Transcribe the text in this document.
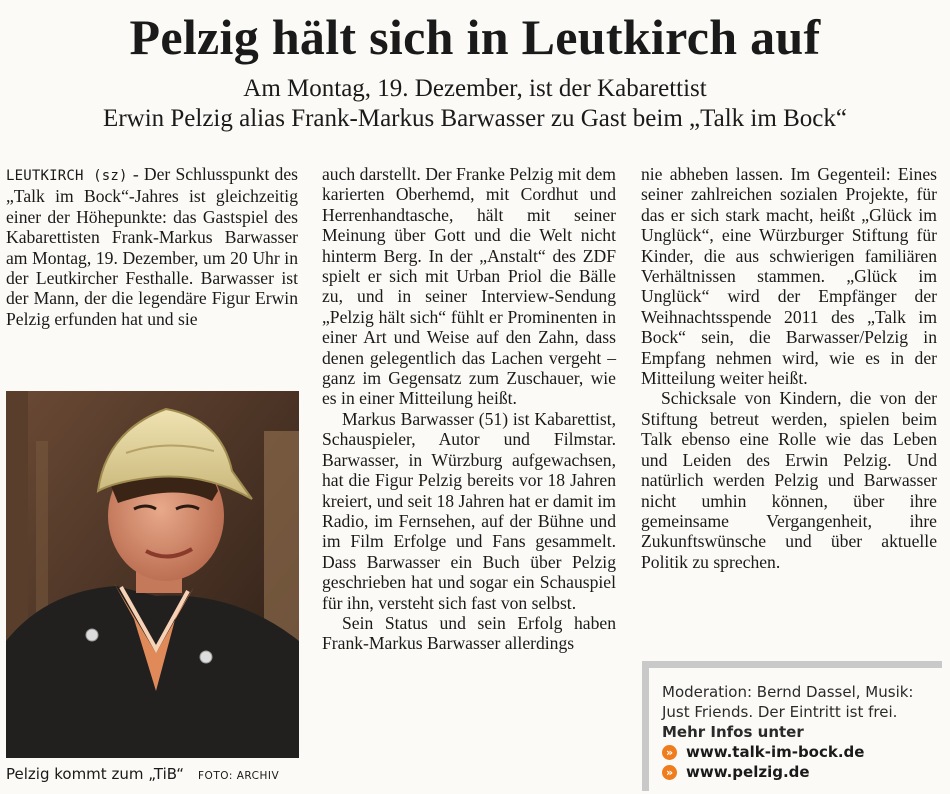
Pelzig hält sich in Leutkirch auf
Am Montag, 19. Dezember, ist der Kabarettist
Erwin Pelzig alias Frank-Markus Barwasser zu Gast beim „Talk im Bock“

LEUTKIRCH (sz) - Der Schlusspunkt des „Talk im Bock“-Jahres ist gleichzeitig einer der Höhepunkte: das Gastspiel des Kabarettisten Frank-Markus Barwasser am Montag, 19. Dezember, um 20 Uhr in der Leutkircher Festhalle. Barwasser ist der Mann, der die legendäre Figur Erwin Pelzig erfunden hat und sie

Pelzig kommt zum „TiB“ FOTO: ARCHIV

auch darstellt. Der Franke Pelzig mit dem karierten Oberhemd, mit Cordhut und Herrenhandtasche, hält mit seiner Meinung über Gott und die Welt nicht hinterm Berg. In der „Anstalt“ des ZDF spielt er sich mit Urban Priol die Bälle zu, und in seiner Interview-Sendung „Pelzig hält sich“ fühlt er Prominenten in einer Art und Weise auf den Zahn, dass denen gelegentlich das Lachen vergeht – ganz im Gegensatz zum Zuschauer, wie es in einer Mitteilung heißt.

Markus Barwasser (51) ist Kabarettist, Schauspieler, Autor und Filmstar. Barwasser, in Würzburg aufgewachsen, hat die Figur Pelzig bereits vor 18 Jahren kreiert, und seit 18 Jahren hat er damit im Radio, im Fernsehen, auf der Bühne und im Film Erfolge und Fans gesammelt. Dass Barwasser ein Buch über Pelzig geschrieben hat und sogar ein Schauspiel für ihn, versteht sich fast von selbst.

Sein Status und sein Erfolg haben Frank-Markus Barwasser allerdings

nie abheben lassen. Im Gegenteil: Eines seiner zahlreichen sozialen Projekte, für das er sich stark macht, heißt „Glück im Unglück“, eine Würzburger Stiftung für Kinder, die aus schwierigen familiären Verhältnissen stammen. „Glück im Unglück“ wird der Empfänger der Weihnachtsspende 2011 des „Talk im Bock“ sein, die Barwasser/Pelzig in Empfang nehmen wird, wie es in der Mitteilung weiter heißt.

Schicksale von Kindern, die von der Stiftung betreut werden, spielen beim Talk ebenso eine Rolle wie das Leben und Leiden des Erwin Pelzig. Und natürlich werden Pelzig und Barwasser nicht umhin können, über ihre gemeinsame Vergangenheit, ihre Zukunftswünsche und über aktuelle Politik zu sprechen.

Moderation: Bernd Dassel, Musik:
Just Friends. Der Eintritt ist frei.
Mehr Infos unter
» www.talk-im-bock.de
» www.pelzig.de
